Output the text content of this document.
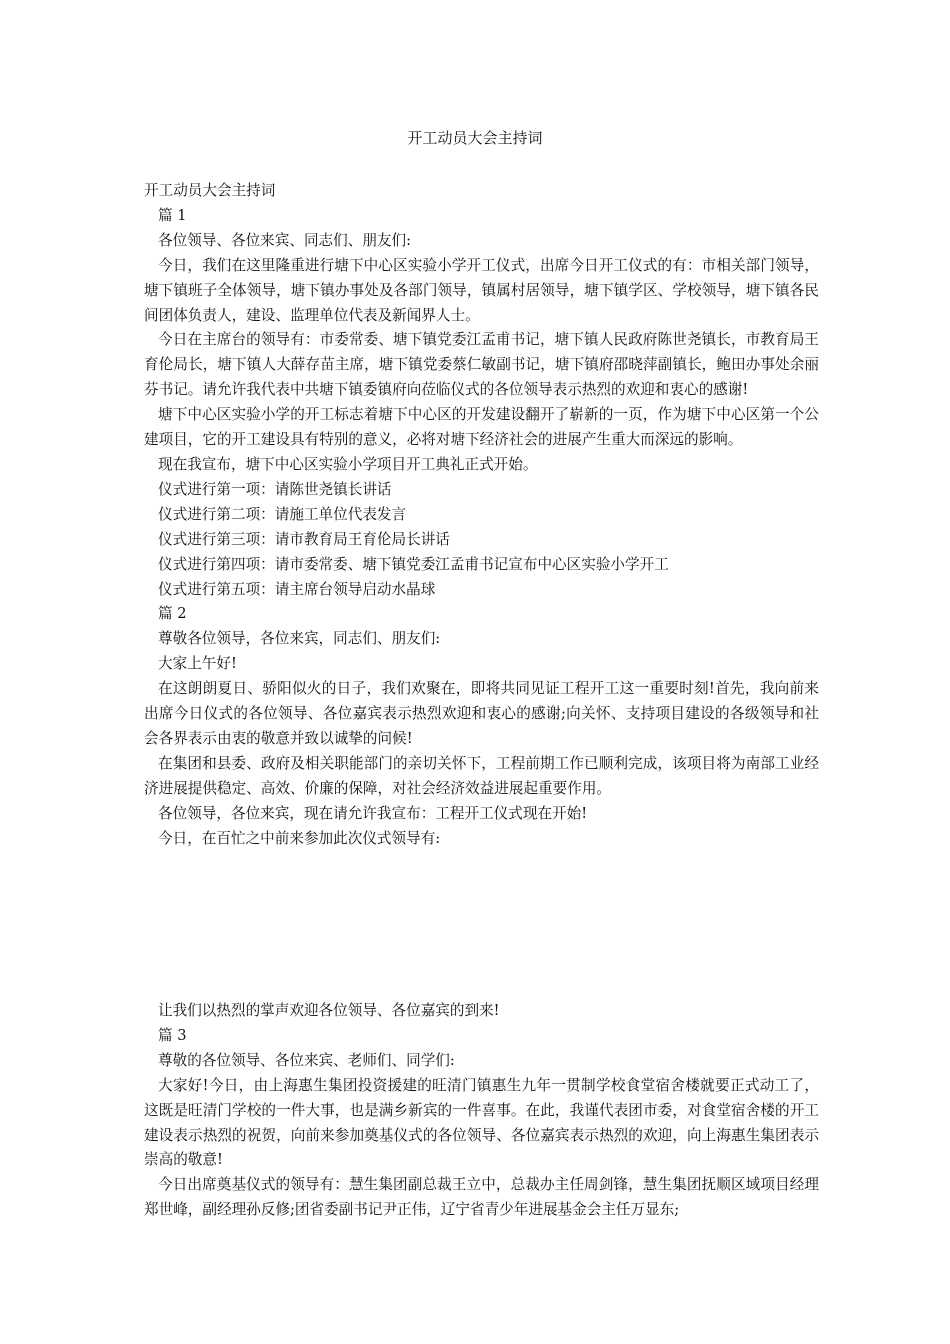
开工动员大会主持词

开工动员大会主持词

篇 1

各位领导、各位来宾、同志们、朋友们:

今日，我们在这里隆重进行塘下中心区实验小学开工仪式，出席今日开工仪式的有：市相关部门领导，塘下镇班子全体领导，塘下镇办事处及各部门领导，镇属村居领导，塘下镇学区、学校领导，塘下镇各民间团体负责人，建设、监理单位代表及新闻界人士。

今日在主席台的领导有：市委常委、塘下镇党委江孟甫书记，塘下镇人民政府陈世尧镇长，市教育局王育伦局长，塘下镇人大薛存苗主席，塘下镇党委蔡仁敏副书记，塘下镇府邵晓萍副镇长，鲍田办事处余丽芬书记。请允许我代表中共塘下镇委镇府向莅临仪式的各位领导表示热烈的欢迎和衷心的感谢!

塘下中心区实验小学的开工标志着塘下中心区的开发建设翻开了崭新的一页，作为塘下中心区第一个公建项目，它的开工建设具有特别的意义，必将对塘下经济社会的进展产生重大而深远的影响。

现在我宣布，塘下中心区实验小学项目开工典礼正式开始。

仪式进行第一项：请陈世尧镇长讲话

仪式进行第二项：请施工单位代表发言

仪式进行第三项：请市教育局王育伦局长讲话

仪式进行第四项：请市委常委、塘下镇党委江孟甫书记宣布中心区实验小学开工

仪式进行第五项：请主席台领导启动水晶球

篇 2

尊敬各位领导，各位来宾，同志们、朋友们:

大家上午好!

在这朗朗夏日、骄阳似火的日子，我们欢聚在，即将共同见证工程开工这一重要时刻!首先，我向前来出席今日仪式的各位领导、各位嘉宾表示热烈欢迎和衷心的感谢;向关怀、支持项目建设的各级领导和社会各界表示由衷的敬意并致以诚挚的问候!

在集团和县委、政府及相关职能部门的亲切关怀下，工程前期工作已顺利完成，该项目将为南部工业经济进展提供稳定、高效、价廉的保障，对社会经济效益进展起重要作用。

各位领导，各位来宾，现在请允许我宣布：工程开工仪式现在开始!

今日，在百忙之中前来参加此次仪式领导有:

让我们以热烈的掌声欢迎各位领导、各位嘉宾的到来!

篇 3

尊敬的各位领导、各位来宾、老师们、同学们:

大家好!今日，由上海惠生集团投资援建的旺清门镇惠生九年一贯制学校食堂宿舍楼就要正式动工了，这既是旺清门学校的一件大事，也是满乡新宾的一件喜事。在此，我谨代表团市委，对食堂宿舍楼的开工建设表示热烈的祝贺，向前来参加奠基仪式的各位领导、各位嘉宾表示热烈的欢迎，向上海惠生集团表示崇高的敬意!

今日出席奠基仪式的领导有：慧生集团副总裁王立中，总裁办主任周剑锋，慧生集团抚顺区域项目经理郑世峰，副经理孙反修;团省委副书记尹正伟，辽宁省青少年进展基金会主任万显东;
